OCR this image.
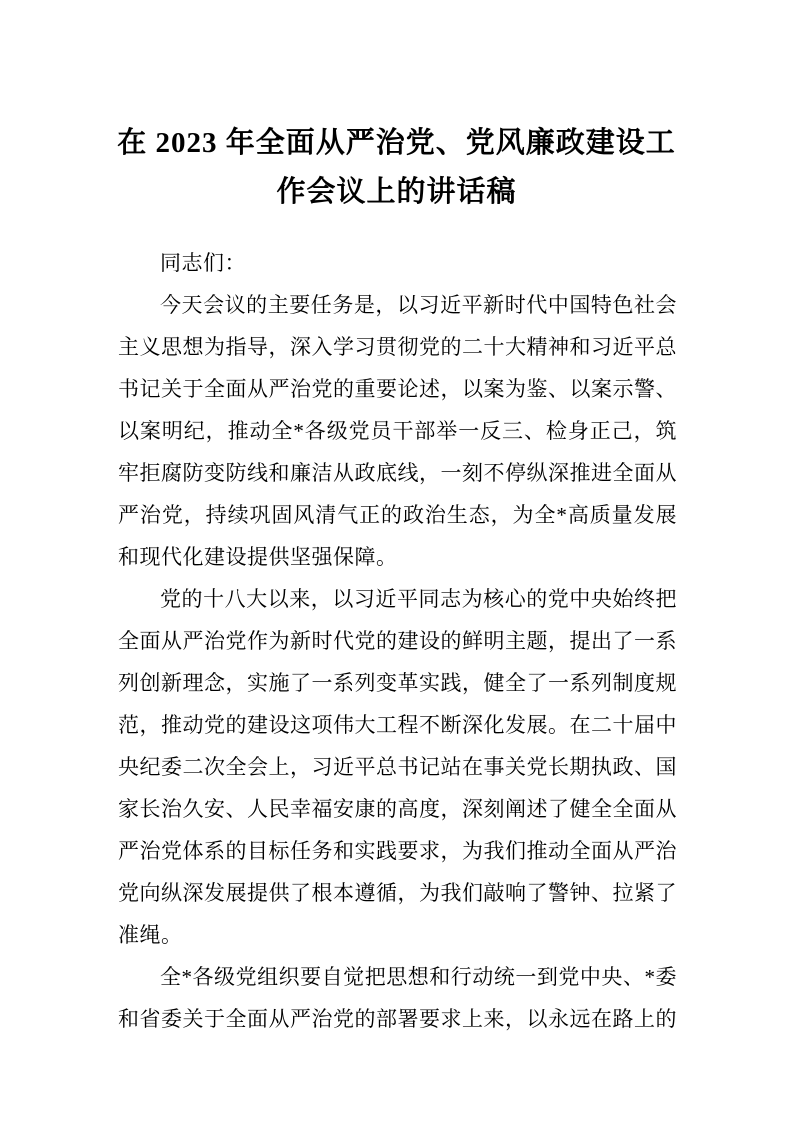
在 2023 年全面从严治党、党风廉政建设工作会议上的讲话稿

同志们：

今天会议的主要任务是，以习近平新时代中国特色社会主义思想为指导，深入学习贯彻党的二十大精神和习近平总书记关于全面从严治党的重要论述，以案为鉴、以案示警、以案明纪，推动全*各级党员干部举一反三、检身正己，筑牢拒腐防变防线和廉洁从政底线，一刻不停纵深推进全面从严治党，持续巩固风清气正的政治生态，为全*高质量发展和现代化建设提供坚强保障。

党的十八大以来，以习近平同志为核心的党中央始终把全面从严治党作为新时代党的建设的鲜明主题，提出了一系列创新理念，实施了一系列变革实践，健全了一系列制度规范，推动党的建设这项伟大工程不断深化发展。在二十届中央纪委二次全会上，习近平总书记站在事关党长期执政、国家长治久安、人民幸福安康的高度，深刻阐述了健全全面从严治党体系的目标任务和实践要求，为我们推动全面从严治党向纵深发展提供了根本遵循，为我们敲响了警钟、拉紧了准绳。

全*各级党组织要自觉把思想和行动统一到党中央、*委和省委关于全面从严治党的部署要求上来，以永远在路上的
